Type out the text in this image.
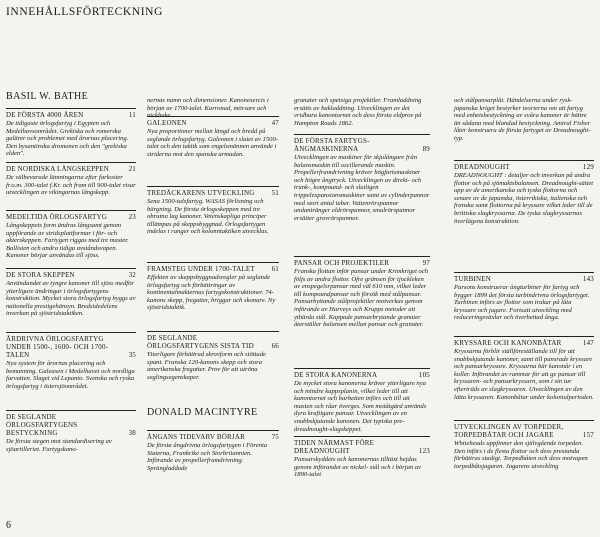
INNEHÅLLSFÖRTECKNING
BASIL W. BATHE
DONALD MACINTYRE
DE FÖRSTA 4000 ÅREN	11
De tidigaste örlogsfartyg i Egypten och Medelhavsområdet. Grekiska och romerska galärer och problemet med årornas placering. Den bysantinska dromonen och den "grekiska elden".
DE NORDISKA LÅNGSKEPPEN	21
De välbevarade lämningarna efter farkoster fr.o.m. 300-talet f.Kr. och fram till 900-talet visar utvecklingen av vikingarnas långskepp.
MEDELTIDA ÖRLOGSFARTYG	23
Långskeppets form ändras långsamt genom uppförande av stridsplattformar i för- och akterskeppen. Fartygen riggas med tre master. Ballisten och andra tidiga avståndsvapen. Kanoner börjar användas till sjöss.
DE STORA SKEPPEN	32
Användandet av tyngre kanoner till sjöss medför ytterligare ändringar i örlogsfartygens konstruktion. Mycket stora örlogsfartyg byggs av nationella prestigehänsyn. Bredsidedelens inverkan på sjöstridstaktiken.
ÅRDRIVNA ÖRLOGSFARTYG UNDER 1500-, 1600- OCH 1700-TALEN	35
Nya system för årornas placering och bemanning. Galeasen i Medelhavet och nordliga farvatten. Slaget vid Lepanto. Svenska och ryska örlogsfartyg i östersjöområdet.
DE SEGLANDE ÖRLOGSFARTYGENS BESTYCKNING	38
De första stegen mot standardisering av sjöartilleriet. Fartygskano-
nernas namn och dimensioner. Kanonexercis i början av 1700-talet. Karronad, mörsare och nickhake.
GALEONEN	47
Nya proportioner mellan längd och bredd på seglande örlogsfartyg. Galeonen i slutet av 1500-talet och den taktik som engelsmännen använde i striderna mot den spanska armadan.
TREDÄCKARENS UTVECKLING	51
Sena 1500-talsfartyg. WASAS förlisning och bärgning. De första örlogsskeppen med tre obrutna lag kanoner. Vetenskapliga principer tillämpas på skeppsbyggnad. Örlogsfartygen indelas i ranger och kolonntaktiken utvecklas.
FRAMSTEG UNDER 1700-TALET	61
Effekten av skeppsbyggnadsregler på seglande örlogsfartyg och förbättringar av kontinentalmakternas fartygskonstruktioner. 74-kanons skepp, fregatter, briggar och skonare. Ny sjöstridstaktik.
DE SEGLANDE ÖRLOGSFARTYGENS SISTA TID	66
Ytterligare förbättrad skrovform och stöttade spant. Franska 120-kanons skepp och stora amerikanska fregatter. Prov för att utröna seglingsegenskaper.
ÅNGANS TIDEVARV BÖRJAR	75
De första ångdrivna örlogsfartygen i Förenta Staterna, Frankrike och Storbritannien. Införande av propellerframdrivning. Sprängladdade
granater och spetsiga projektiler. Framladdning ersätts av bakladdning. Utvecklingen av det vridbara kanontornet och dess första eldprov på Hampton Roads 1862.
DE FÖRSTA FARTYGS-ÅNGMASKINERNA	89
Utvecklingen av maskiner för skjulångare från balansmaskin till oscillerande maskin. Propellerframdrivning kräver högfartsmaskiner och högre ångtryck. Utvecklingen av direkt- och trunk-, kompound- och slutligen trippelexpansionsmaskiner samt av cylinderpannor med stort antal tuber. Vattenrörspannor undantränger eldrörspannor, smalrörspannor ersätter grovrörspannor.
PANSAR OCH PROJEKTILER	97
Franska flottan inför pansar under Krimkriget och följs av andra flottor. Öfre gränsen för tjockleken av enspegelsrpansar med väl 610 mm, vilket leder till kompoundpansar och försök med stålpansar. Pansarbyttande stålprojektiler motverkas genom införande av Harveys och Krupps metoder att ythärda stål. Kappade pansarbrytande granater återställer balansen mellan pansar och granater.
DE STORA KANONERNA	105
De mycket stora kanonerna kräver ytterligare nya och mindre kappsplanin, vilket leder till att kanontornet och barbetten införs och till att masten och råar överges. Som motåtgärd används dyra kraftigare pansar. Utvecklingen av en snabbskjutande kanonen. Det typiska pre-dreadnought-slagskeppet.
TIDEN NÄRMAST FÖRE DREADNOUGHT	123
Pansarskyddets och kanonernas tilltäxt hejdas genom införandet av nickel- stål och i början av 1890-talet
och stålpansarplåt. Händelserna under rysk-japanska kriget bestyrker teorierna om att fartyg med enhetsbestyckning av svåra kanoner är bättre än sådana med blandad bestyckning. Amiral Fisher låter konstruera de första fartyget av Dreadnought-typ.
DREADNOUGHT	129
DREADNOUGHT : detaljer och inverkan på andra flottor och på sjömaktsbalansen. Dreadnought-sättet upp av de amerikanska och tyska flottorna och senare av de japanska, österrikiska, italienska och franska samt flottorna på kryssare vilket leder till de brittiska slagkryssarna. De tyska slagkryssarnas överlägsna konstruktion.
TURBINEN	143
Parsons konstruerar ångturbiner för fartyg och bygger 1899 det första turbindrivna örlogsfartyget. Turbinen införs av flottor som trakar på låta kryssare och jagare. Fortsatt utveckling med reduceringsväxlar och överhettad ånga.
KRYSSARE OCH KANONBÅTAR	147
Kryssarna förblir ställföreställande till för att snabbskjutande kanoner, samt till pansrade kryssare och pansarkryssare. Kryssarna bär kanonår i en koller. Införandet av rammar för att ge pansar till kryssaren- och pansarkryssarn, som i sin tur efterträds av slagkryssaren. Utvecklingen av den lätta kryssaren. Kanonbåtar under kolonialperioden.
UTVECKLINGEN AV TORPEDER, TORPEDBÅTAR OCH JAGARE	157
Whiteheads uppfinner den självgående torpeden. Den införs i de flesta flottor och dess prestanda förbättras stadigt. Torpedbåten och dess motvapen torpedbåtsjagaren. Jagarens utveckling
6
